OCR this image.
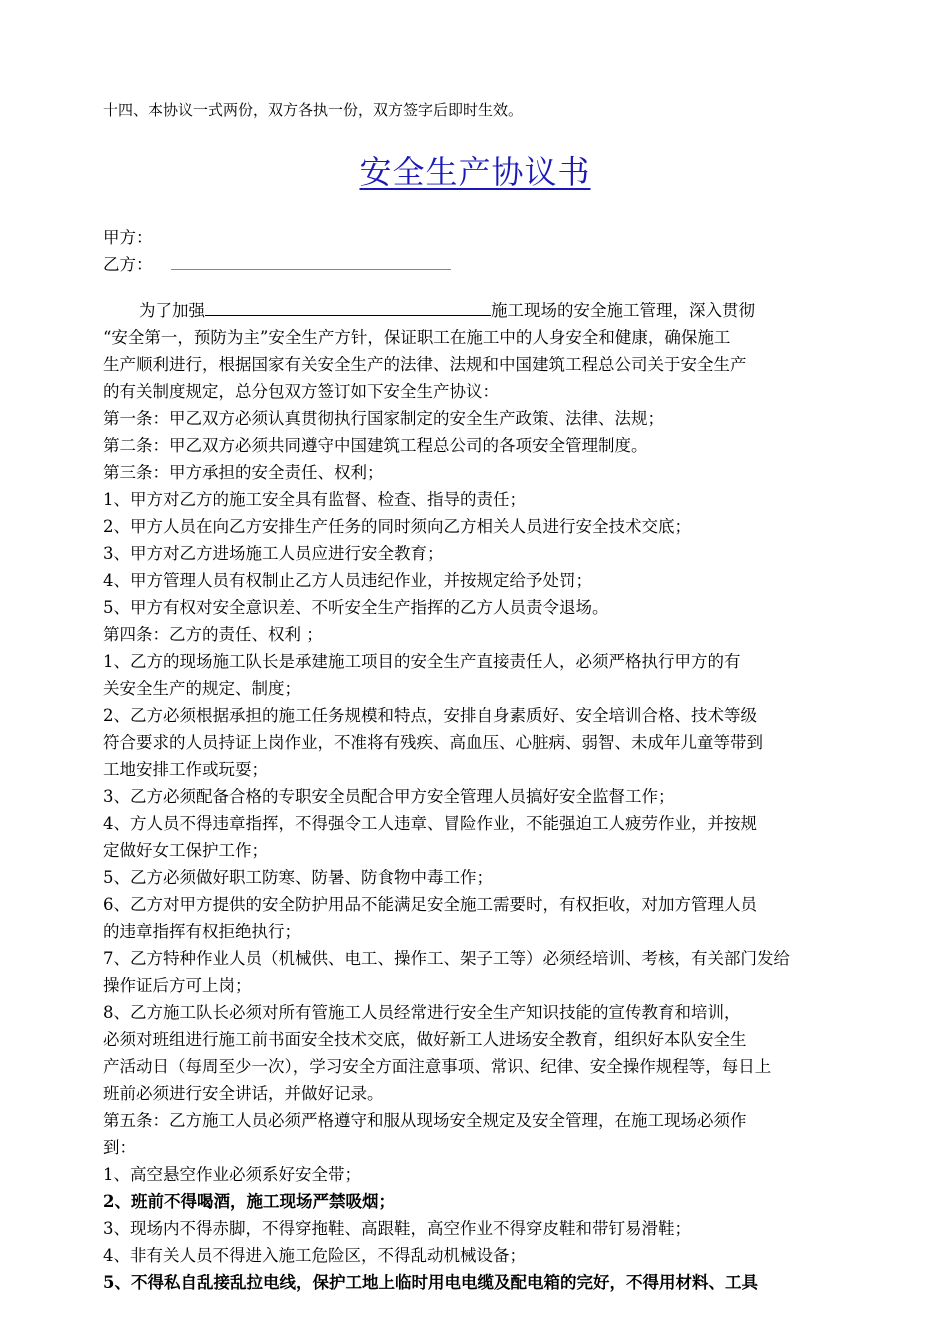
十四、本协议一式两份，双方各执一份，双方签字后即时生效。
安全生产协议书
甲方：
乙方：

为了加强	施工现场的安全施工管理，深入贯彻

“安全第一，预防为主”安全生产方针，保证职工在施工中的人身安全和健康，确保施工

生产顺利进行，根据国家有关安全生产的法律、法规和中国建筑工程总公司关于安全生产

的有关制度规定，总分包双方签订如下安全生产协议：

第一条：甲乙双方必须认真贯彻执行国家制定的安全生产政策、法律、法规；

第二条：甲乙双方必须共同遵守中国建筑工程总公司的各项安全管理制度。

第三条：甲方承担的安全责任、权利；

1、甲方对乙方的施工安全具有监督、检查、指导的责任；

2、甲方人员在向乙方安排生产任务的同时须向乙方相关人员进行安全技术交底；

3、甲方对乙方进场施工人员应进行安全教育；

4、甲方管理人员有权制止乙方人员违纪作业，并按规定给予处罚；

5、甲方有权对安全意识差、不听安全生产指挥的乙方人员责令退场。

第四条：乙方的责任、权利 ；

1、乙方的现场施工队长是承建施工项目的安全生产直接责任人，必须严格执行甲方的有

关安全生产的规定、制度；

2、乙方必须根据承担的施工任务规模和特点，安排自身素质好、安全培训合格、技术等级

符合要求的人员持证上岗作业，不准将有残疾、高血压、心脏病、弱智、未成年儿童等带到

工地安排工作或玩耍；

3、乙方必须配备合格的专职安全员配合甲方安全管理人员搞好安全监督工作；

4、方人员不得违章指挥，不得强令工人违章、冒险作业，不能强迫工人疲劳作业，并按规

定做好女工保护工作；

5、乙方必须做好职工防寒、防暑、防食物中毒工作；

6、乙方对甲方提供的安全防护用品不能满足安全施工需要时，有权拒收，对加方管理人员

的违章指挥有权拒绝执行；

7、乙方特种作业人员（机械供、电工、操作工、架子工等）必须经培训、考核，有关部门发给

操作证后方可上岗；

8、乙方施工队长必须对所有管施工人员经常进行安全生产知识技能的宣传教育和培训，

必须对班组进行施工前书面安全技术交底，做好新工人进场安全教育，组织好本队安全生

产活动日（每周至少一次），学习安全方面注意事项、常识、纪律、安全操作规程等，每日上

班前必须进行安全讲话，并做好记录。

第五条：乙方施工人员必须严格遵守和服从现场安全规定及安全管理，在施工现场必须作

到：

1、高空悬空作业必须系好安全带；

2、班前不得喝酒，施工现场严禁吸烟；

3、现场内不得赤脚，不得穿拖鞋、高跟鞋，高空作业不得穿皮鞋和带钉易滑鞋；

4、非有关人员不得进入施工危险区，不得乱动机械设备；

5、不得私自乱接乱拉电线，保护工地上临时用电电缆及配电箱的完好，不得用材料、工具
